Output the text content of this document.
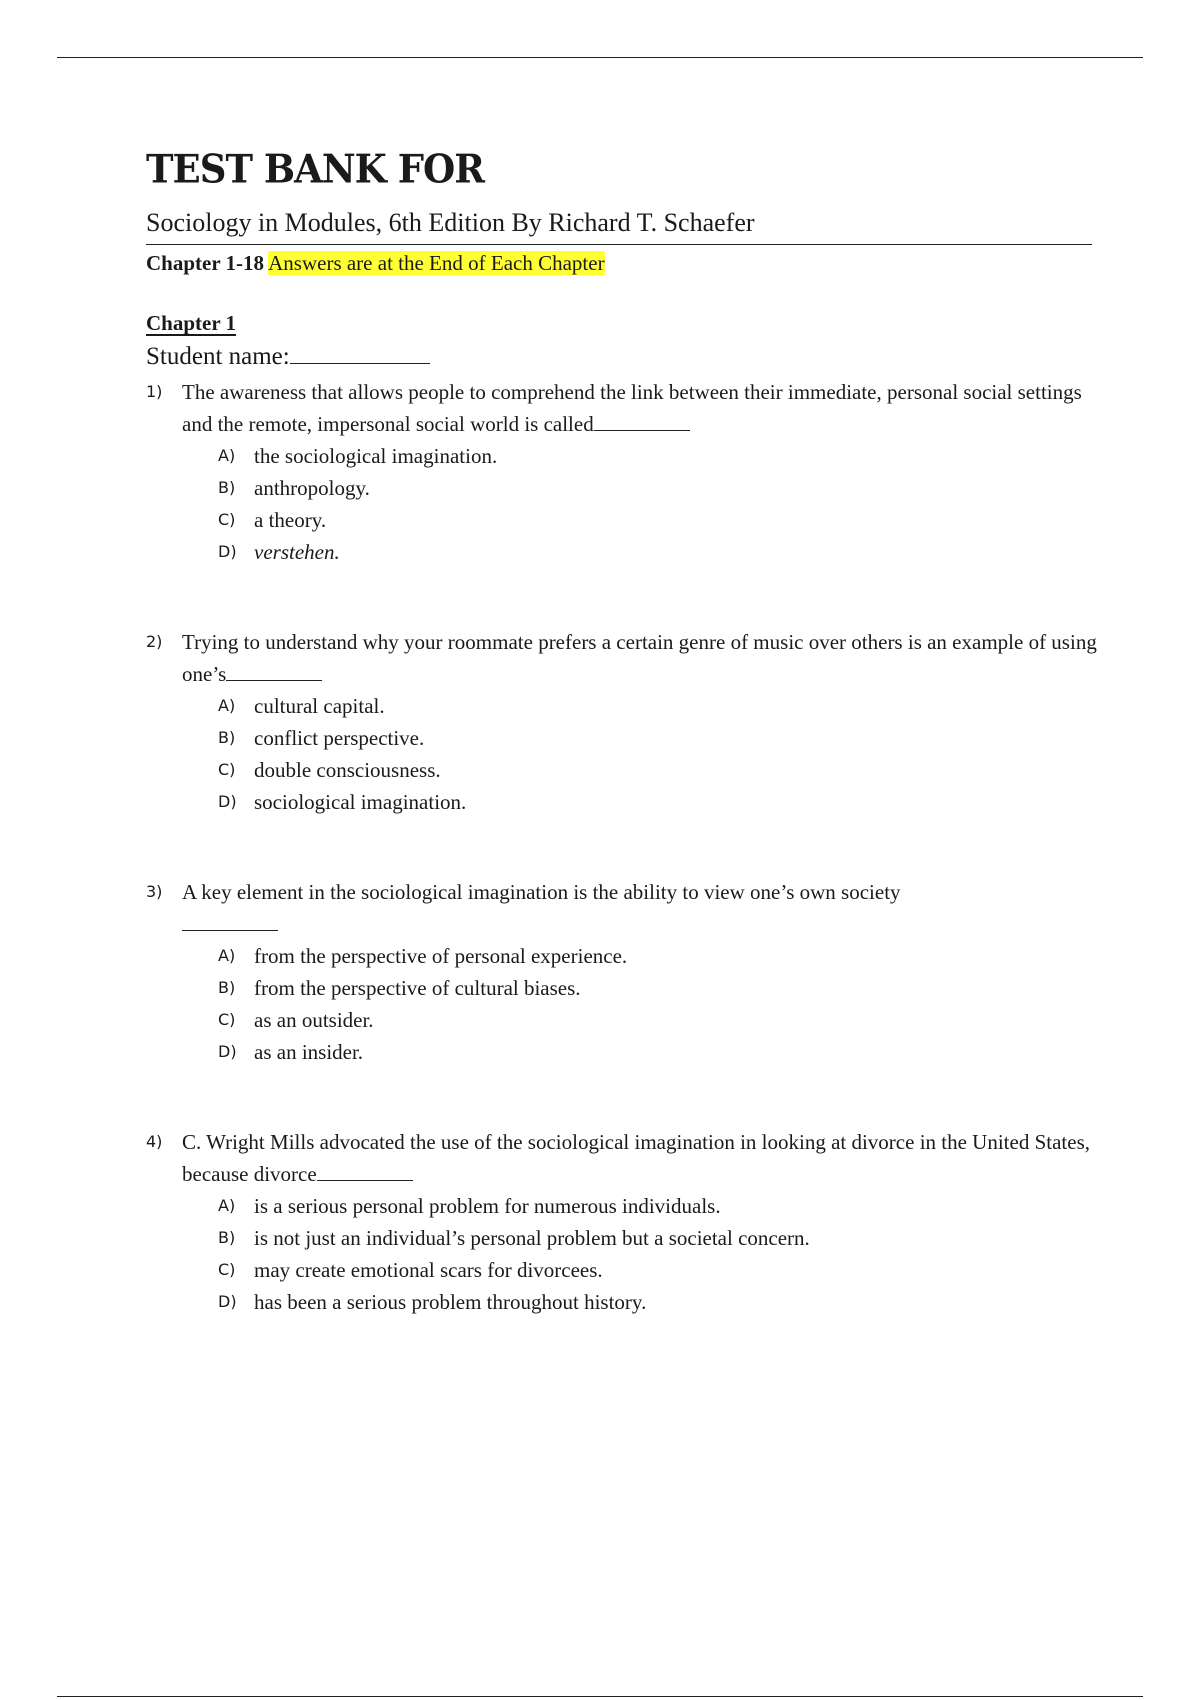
TEST BANK FOR
Sociology in Modules, 6th Edition By Richard T. Schaefer
Chapter 1-18 Answers are at the End of Each Chapter
Chapter 1
Student name:
1) The awareness that allows people to comprehend the link between their immediate, personal social settings and the remote, impersonal social world is called
A) the sociological imagination.
B) anthropology.
C) a theory.
D) verstehen.
2) Trying to understand why your roommate prefers a certain genre of music over others is an example of using one’s
A) cultural capital.
B) conflict perspective.
C) double consciousness.
D) sociological imagination.
3) A key element in the sociological imagination is the ability to view one’s own society
A) from the perspective of personal experience.
B) from the perspective of cultural biases.
C) as an outsider.
D) as an insider.
4) C. Wright Mills advocated the use of the sociological imagination in looking at divorce in the United States, because divorce
A) is a serious personal problem for numerous individuals.
B) is not just an individual’s personal problem but a societal concern.
C) may create emotional scars for divorcees.
D) has been a serious problem throughout history.
